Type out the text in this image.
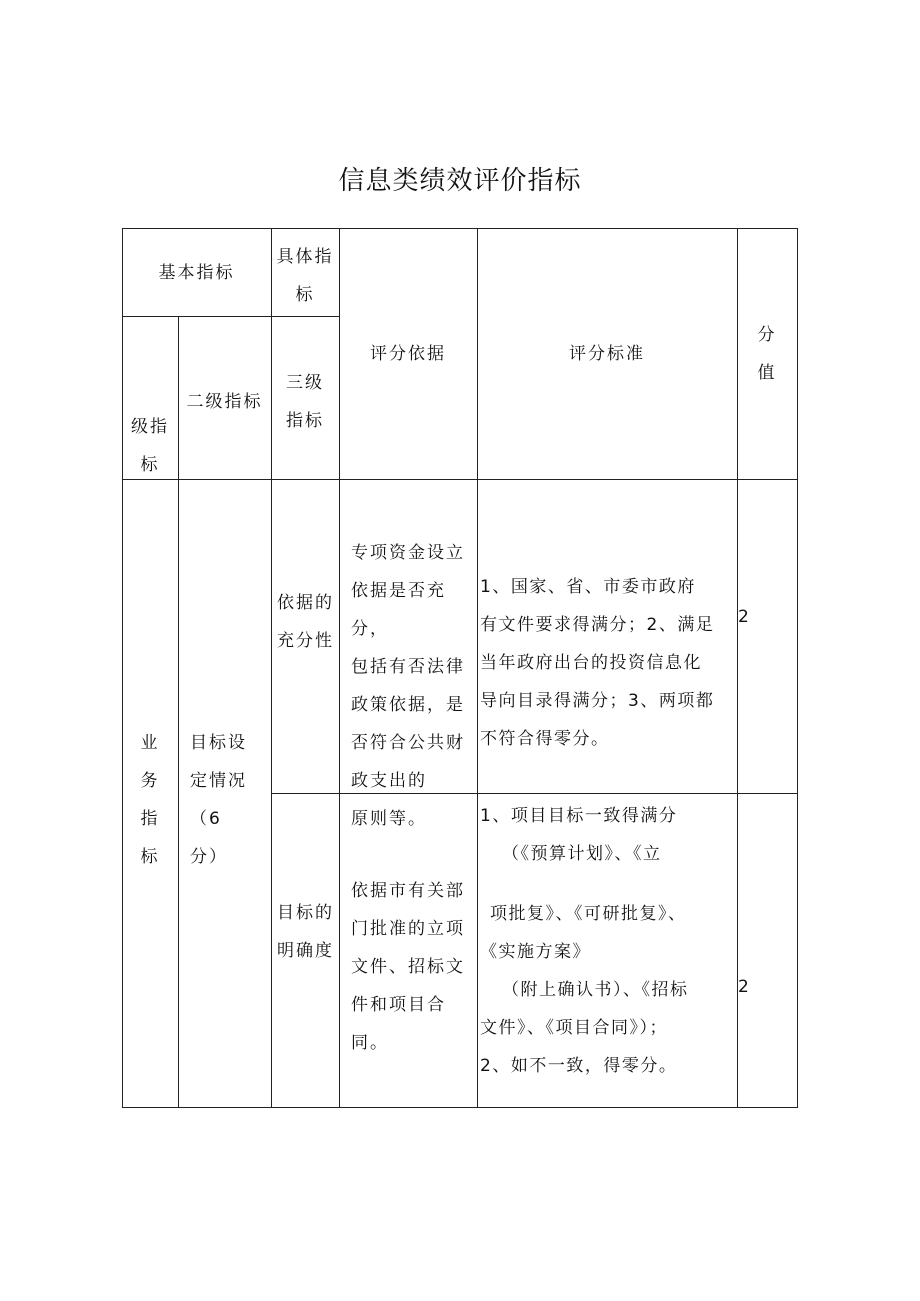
信息类绩效评价指标
基本指标
具体指
标
级指
标
二级指标
三级
指标
评分依据	评分标准
分
值
业
务
指
标
目标设
定情况
（6
分）
依据的
充分性
专项资金设立
依据是否充分，
包括有否法律
政策依据，是
否符合公共财
政支出的
原则等。
1、国家、省、市委市政府
有文件要求得满分；2、满足
当年政府出台的投资信息化
导向目录得满分；3、两项都
不符合得零分。
2
目标的
明确度
依据市有关部
门批准的立项
文件、招标文
件和项目合
同。
1、项目目标一致得满分
（《预算计划》、《立
项批复》、《可研批复》、
《实施方案》
（附上确认书）、《招标
文件》、《项目合同》）；
2、如不一致，得零分。
2
